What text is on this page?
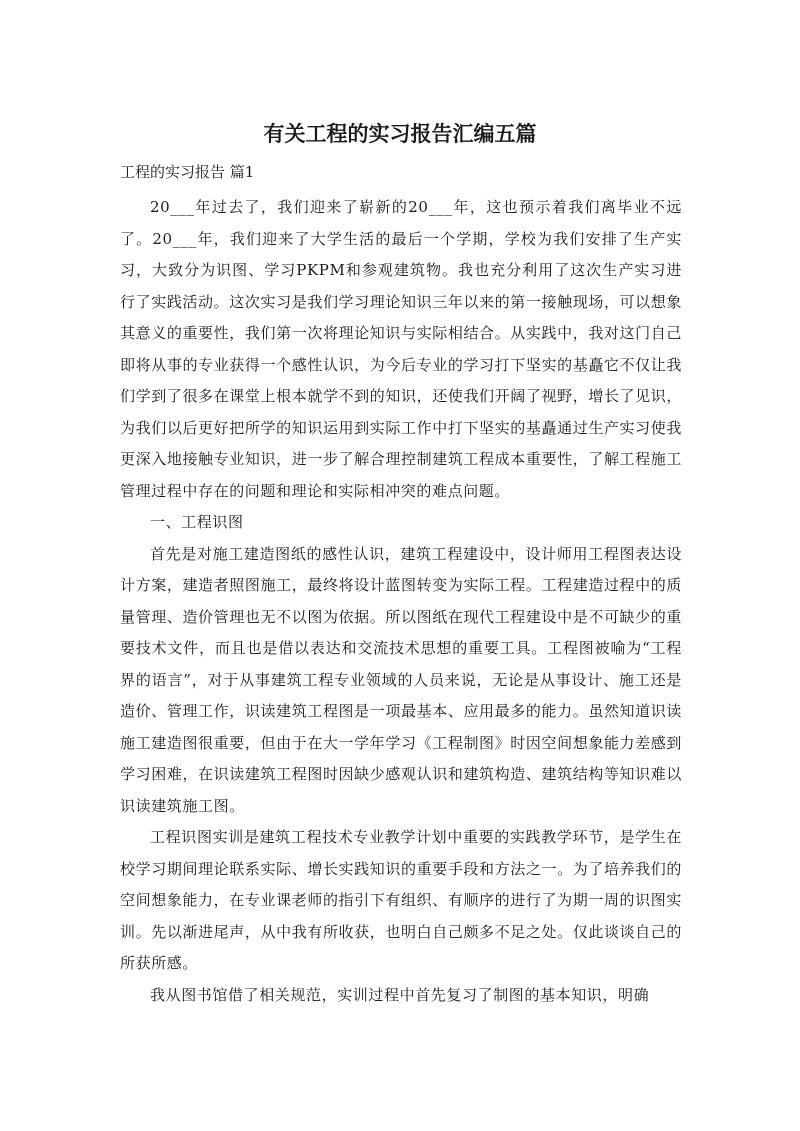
有关工程的实习报告汇编五篇
工程的实习报告 篇1

20___年过去了，我们迎来了崭新的20___年，这也预示着我们离毕业不远了。20___年，我们迎来了大学生活的最后一个学期，学校为我们安排了生产实习，大致分为识图、学习PKPM和参观建筑物。我也充分利用了这次生产实习进行了实践活动。这次实习是我们学习理论知识三年以来的第一接触现场，可以想象其意义的重要性，我们第一次将理论知识与实际相结合。从实践中，我对这门自己即将从事的专业获得一个感性认识，为今后专业的学习打下坚实的基矗它不仅让我们学到了很多在课堂上根本就学不到的知识，还使我们开阔了视野，增长了见识，为我们以后更好把所学的知识运用到实际工作中打下坚实的基矗通过生产实习使我更深入地接触专业知识，进一步了解合理控制建筑工程成本重要性，了解工程施工管理过程中存在的问题和理论和实际相冲突的难点问题。

一、工程识图

首先是对施工建造图纸的感性认识，建筑工程建设中，设计师用工程图表达设计方案，建造者照图施工，最终将设计蓝图转变为实际工程。工程建造过程中的质量管理、造价管理也无不以图为依据。所以图纸在现代工程建设中是不可缺少的重要技术文件，而且也是借以表达和交流技术思想的重要工具。工程图被喻为“工程界的语言”，对于从事建筑工程专业领域的人员来说，无论是从事设计、施工还是造价、管理工作，识读建筑工程图是一项最基本、应用最多的能力。虽然知道识读施工建造图很重要，但由于在大一学年学习《工程制图》时因空间想象能力差感到学习困难，在识读建筑工程图时因缺少感观认识和建筑构造、建筑结构等知识难以识读建筑施工图。

工程识图实训是建筑工程技术专业教学计划中重要的实践教学环节，是学生在校学习期间理论联系实际、增长实践知识的重要手段和方法之一。为了培养我们的空间想象能力，在专业课老师的指引下有组织、有顺序的进行了为期一周的识图实训。先以渐进尾声，从中我有所收获，也明白自己颇多不足之处。仅此谈谈自己的所获所感。

我从图书馆借了相关规范，实训过程中首先复习了制图的基本知识，明确
